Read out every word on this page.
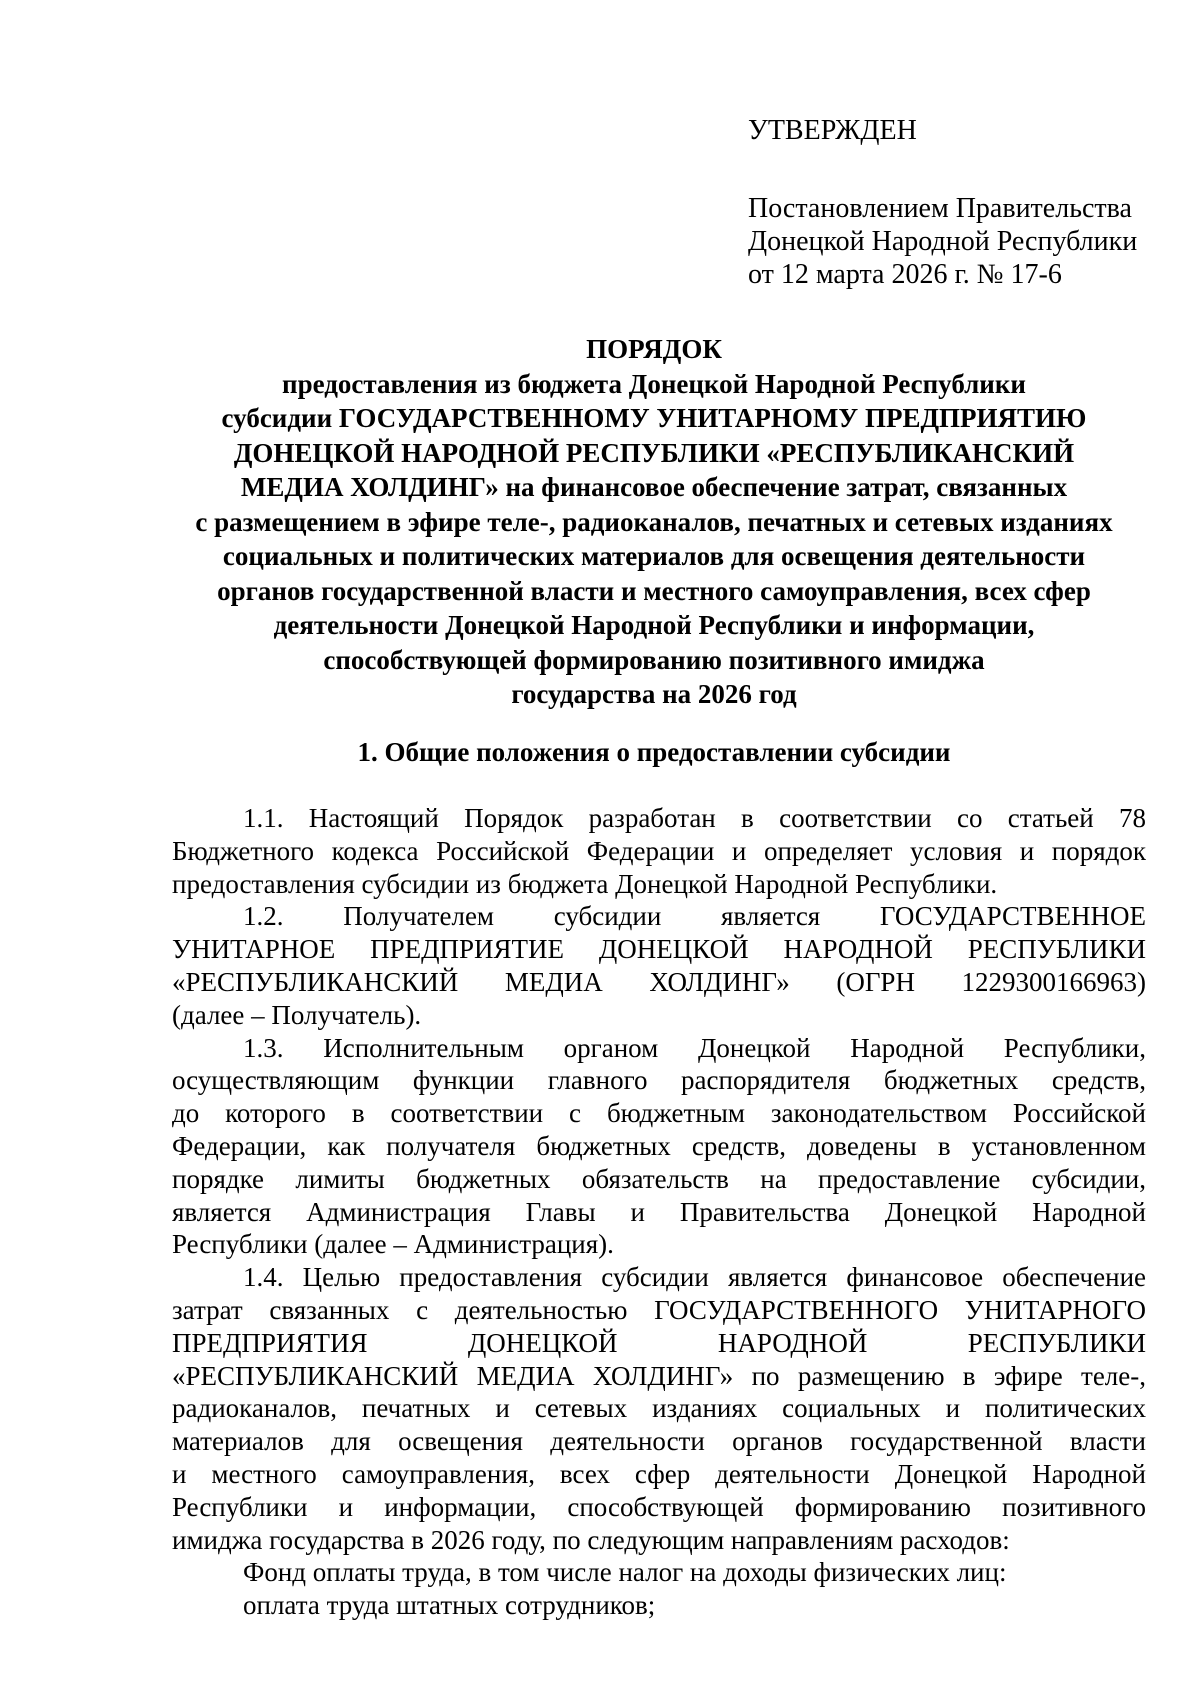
УТВЕРЖДЕН
Постановлением Правительства
Донецкой Народной Республики
от 12 марта 2026 г. № 17-6
ПОРЯДОК
предоставления из бюджета Донецкой Народной Республики
субсидии ГОСУДАРСТВЕННОМУ УНИТАРНОМУ ПРЕДПРИЯТИЮ
ДОНЕЦКОЙ НАРОДНОЙ РЕСПУБЛИКИ «РЕСПУБЛИКАНСКИЙ
МЕДИА ХОЛДИНГ» на финансовое обеспечение затрат, связанных
с размещением в эфире теле-, радиоканалов, печатных и сетевых изданиях
социальных и политических материалов для освещения деятельности
органов государственной власти и местного самоуправления, всех сфер
деятельности Донецкой Народной Республики и информации,
способствующей формированию позитивного имиджа
государства на 2026 год
1. Общие положения о предоставлении субсидии
1.1. Настоящий Порядок разработан в соответствии со статьей 78
Бюджетного кодекса Российской Федерации и определяет условия и порядок
предоставления субсидии из бюджета Донецкой Народной Республики.
1.2. Получателем субсидии является ГОСУДАРСТВЕННОЕ
УНИТАРНОЕ ПРЕДПРИЯТИЕ ДОНЕЦКОЙ НАРОДНОЙ РЕСПУБЛИКИ
«РЕСПУБЛИКАНСКИЙ МЕДИА ХОЛДИНГ» (ОГРН 1229300166963)
(далее – Получатель).
1.3. Исполнительным органом Донецкой Народной Республики,
осуществляющим функции главного распорядителя бюджетных средств,
до которого в соответствии с бюджетным законодательством Российской
Федерации, как получателя бюджетных средств, доведены в установленном
порядке лимиты бюджетных обязательств на предоставление субсидии,
является Администрация Главы и Правительства Донецкой Народной
Республики (далее – Администрация).
1.4. Целью предоставления субсидии является финансовое обеспечение
затрат связанных с деятельностью ГОСУДАРСТВЕННОГО УНИТАРНОГО
ПРЕДПРИЯТИЯ ДОНЕЦКОЙ НАРОДНОЙ РЕСПУБЛИКИ
«РЕСПУБЛИКАНСКИЙ МЕДИА ХОЛДИНГ» по размещению в эфире теле-,
радиоканалов, печатных и сетевых изданиях социальных и политических
материалов для освещения деятельности органов государственной власти
и местного самоуправления, всех сфер деятельности Донецкой Народной
Республики и информации, способствующей формированию позитивного
имиджа государства в 2026 году, по следующим направлениям расходов:
Фонд оплаты труда, в том числе налог на доходы физических лиц:
оплата труда штатных сотрудников;
